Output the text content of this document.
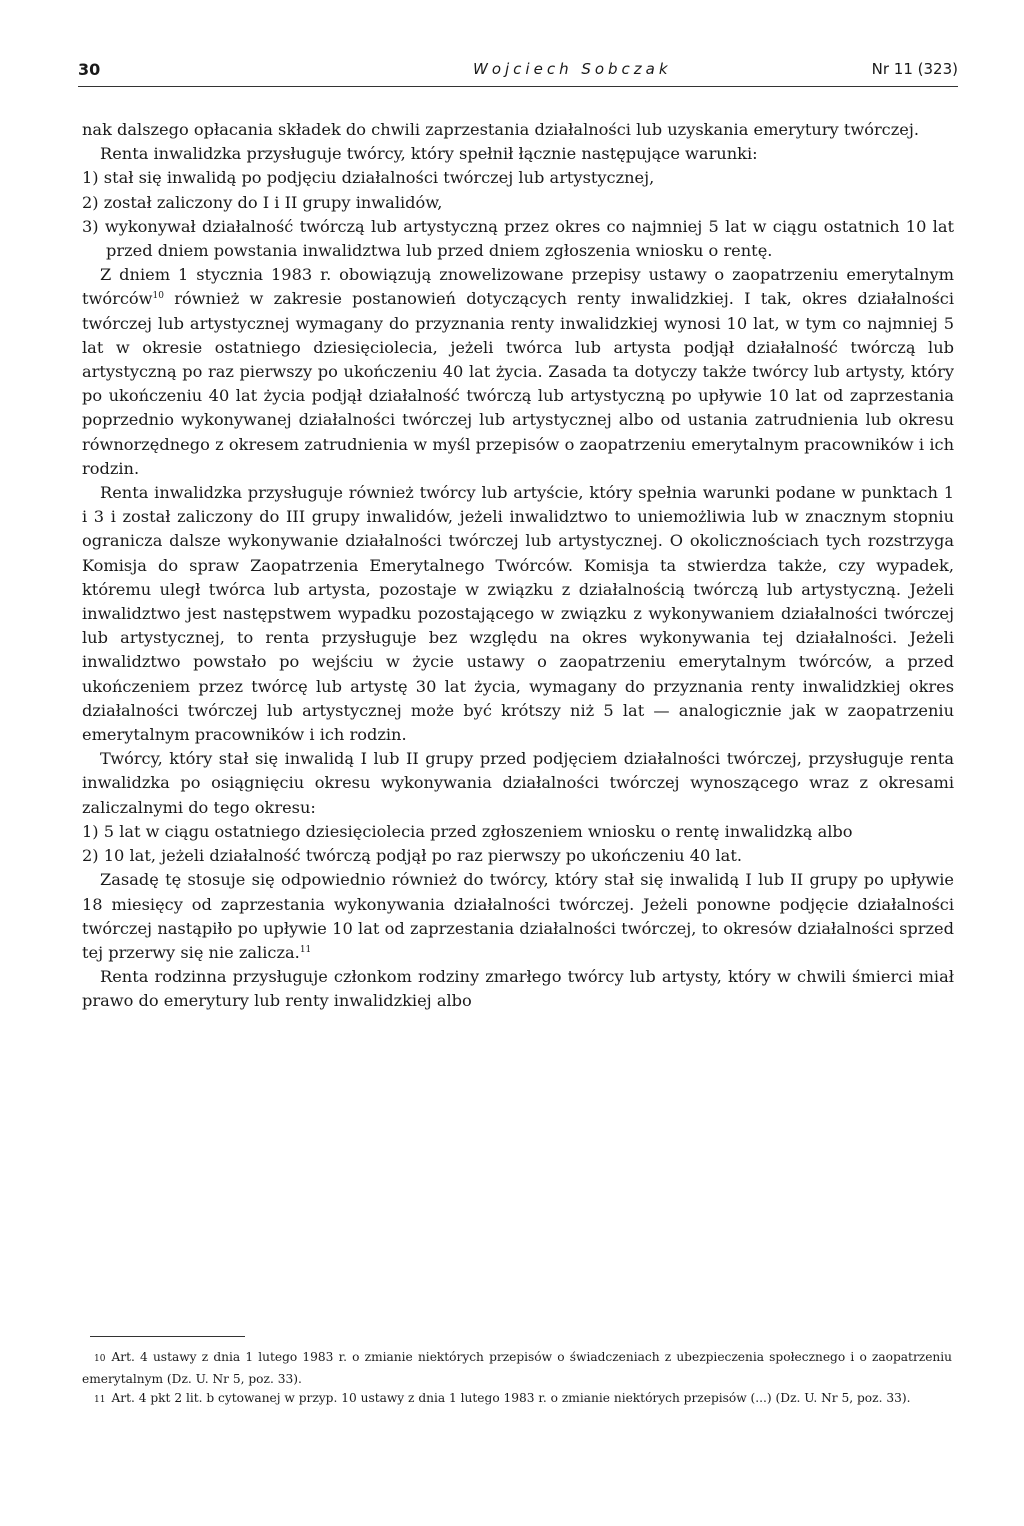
30	Wojciech Sobczak	Nr 11 (323)

nak dalszego opłacania składek do chwili zaprzestania działalności lub uzyskania emerytury twórczej.

Renta inwalidzka przysługuje twórcy, który spełnił łącznie następujące warunki:

1) stał się inwalidą po podjęciu działalności twórczej lub artystycznej,
2) został zaliczony do I i II grupy inwalidów,
3) wykonywał działalność twórczą lub artystyczną przez okres co najmniej 5 lat w ciągu ostatnich 10 lat przed dniem powstania inwalidztwa lub przed dniem zgłoszenia wniosku o rentę.

Z dniem 1 stycznia 1983 r. obowiązują znowelizowane przepisy ustawy o zaopatrzeniu emerytalnym twórców$^{10}$ również w zakresie postanowień dotyczących renty inwalidzkiej. I tak, okres działalności twórczej lub artystycznej wymagany do przyznania renty inwalidzkiej wynosi 10 lat, w tym co najmniej 5 lat w okresie ostatniego dziesięciolecia, jeżeli twórca lub artysta podjął działalność twórczą lub artystyczną po raz pierwszy po ukończeniu 40 lat życia. Zasada ta dotyczy także twórcy lub artysty, który po ukończeniu 40 lat życia podjął działalność twórczą lub artystyczną po upływie 10 lat od zaprzestania poprzednio wykonywanej działalności twórczej lub artystycznej albo od ustania zatrudnienia lub okresu równorzędnego z okresem zatrudnienia w myśl przepisów o zaopatrzeniu emerytalnym pracowników i ich rodzin.

Renta inwalidzka przysługuje również twórcy lub artyście, który spełnia warunki podane w punktach 1 i 3 i został zaliczony do III grupy inwalidów, jeżeli inwalidztwo to uniemożliwia lub w znacznym stopniu ogranicza dalsze wykonywanie działalności twórczej lub artystycznej. O okolicznościach tych rozstrzyga Komisja do spraw Zaopatrzenia Emerytalnego Twórców. Komisja ta stwierdza także, czy wypadek, któremu uległ twórca lub artysta, pozostaje w związku z działalnością twórczą lub artystyczną. Jeżeli inwalidztwo jest następstwem wypadku pozostającego w związku z wykonywaniem działalności twórczej lub artystycznej, to renta przysługuje bez względu na okres wykonywania tej działalności. Jeżeli inwalidztwo powstało po wejściu w życie ustawy o zaopatrzeniu emerytalnym twórców, a przed ukończeniem przez twórcę lub artystę 30 lat życia, wymagany do przyznania renty inwalidzkiej okres działalności twórczej lub artystycznej może być krótszy niż 5 lat — analogicznie jak w zaopatrzeniu emerytalnym pracowników i ich rodzin.

Twórcy, który stał się inwalidą I lub II grupy przed podjęciem działalności twórczej, przysługuje renta inwalidzka po osiągnięciu okresu wykonywania działalności twórczej wynoszącego wraz z okresami zaliczalnymi do tego okresu:

1) 5 lat w ciągu ostatniego dziesięciolecia przed zgłoszeniem wniosku o rentę inwalidzką albo
2) 10 lat, jeżeli działalność twórczą podjął po raz pierwszy po ukończeniu 40 lat.

Zasadę tę stosuje się odpowiednio również do twórcy, który stał się inwalidą I lub II grupy po upływie 18 miesięcy od zaprzestania wykonywania działalności twórczej. Jeżeli ponowne podjęcie działalności twórczej nastąpiło po upływie 10 lat od zaprzestania działalności twórczej, to okresów działalności sprzed tej przerwy się nie zalicza.$^{11}$

Renta rodzinna przysługuje członkom rodziny zmarłego twórcy lub artysty, który w chwili śmierci miał prawo do emerytury lub renty inwalidzkiej albo

10 Art. 4 ustawy z dnia 1 lutego 1983 r. o zmianie niektórych przepisów o świadczeniach z ubezpieczenia społecznego i o zaopatrzeniu emerytalnym (Dz. U. Nr 5, poz. 33).

11 Art. 4 pkt 2 lit. b cytowanej w przyp. 10 ustawy z dnia 1 lutego 1983 r. o zmianie niektórych przepisów (...) (Dz. U. Nr 5, poz. 33).
